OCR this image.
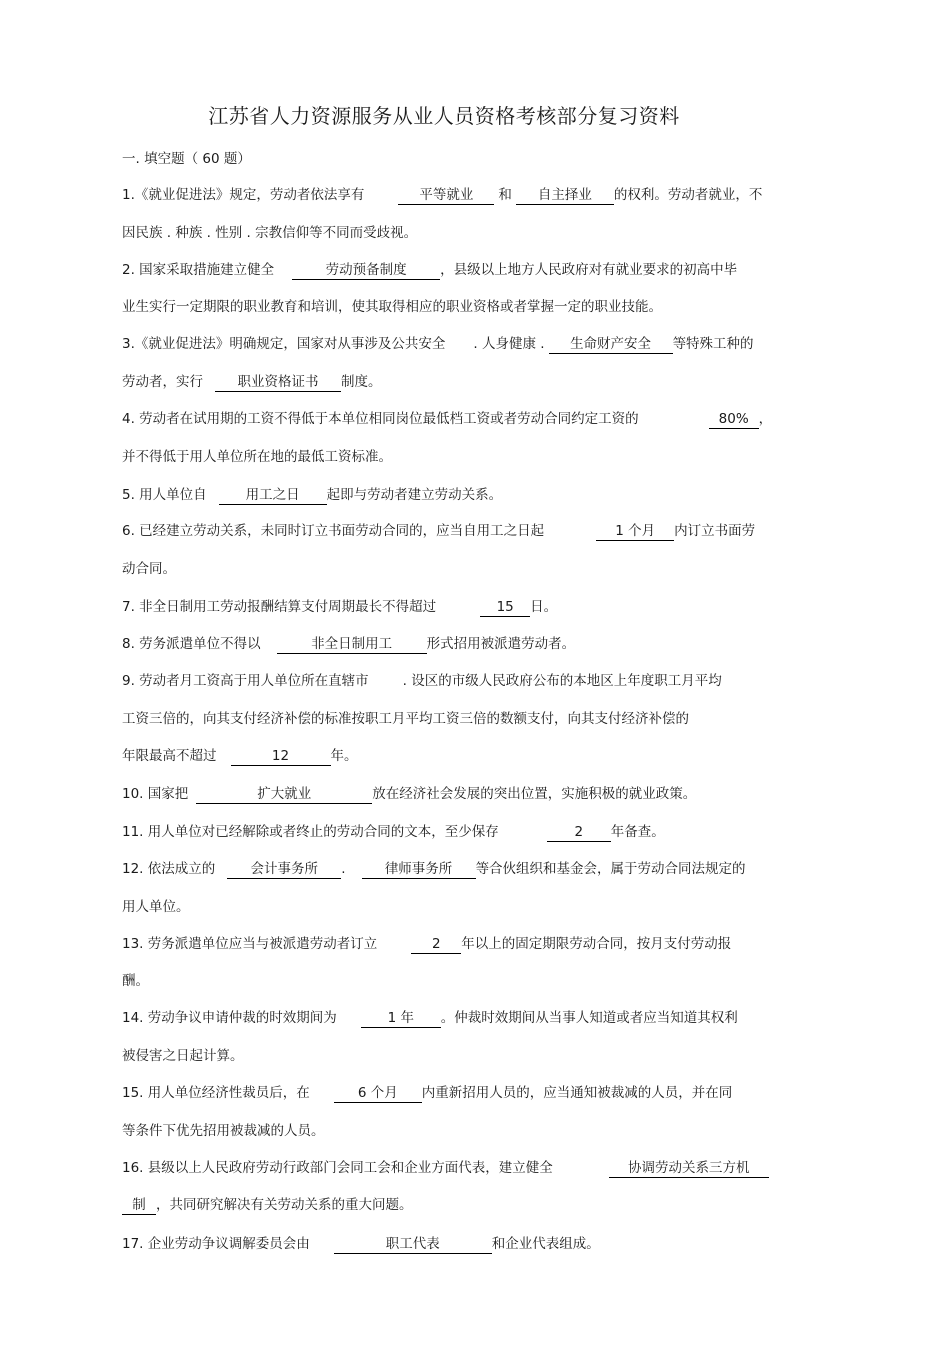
江苏省人力资源服务从业人员资格考核部分复习资料
一. 填空题（ 60 题）
1.《就业促进法》规定，劳动者依法享有	平等就业 和 自主择业 的权利。劳动者就业，不
因民族 . 种族 . 性别 . 宗教信仰等不同而受歧视。
2. 国家采取措施建立健全	劳动预备制度 ，县级以上地方人民政府对有就业要求的初高中毕
业生实行一定期限的职业教育和培训，使其取得相应的职业资格或者掌握一定的职业技能。
3.《就业促进法》明确规定，国家对从事涉及公共安全 . 人身健康 . 生命财产安全 等特殊工种的
劳动者，实行	职业资格证书 制度。
4. 劳动者在试用期的工资不得低于本单位相同岗位最低档工资或者劳动合同约定工资的	80% ，
并不得低于用人单位所在地的最低工资标准。
5. 用人单位自	用工之日 起即与劳动者建立劳动关系。
6. 已经建立劳动关系，未同时订立书面劳动合同的，应当自用工之日起	1 个月 内订立书面劳
动合同。
7. 非全日制用工劳动报酬结算支付周期最长不得超过	15 日。
8. 劳务派遣单位不得以	非全日制用工	形式招用被派遣劳动者。
9. 劳动者月工资高于用人单位所在直辖市	. 设区的市级人民政府公布的本地区上年度职工月平均
工资三倍的，向其支付经济补偿的标准按职工月平均工资三倍的数额支付，向其支付经济补偿的
年限最高不超过	12	年。
10. 国家把	扩大就业	放在经济社会发展的突出位置，实施积极的就业政策。
11. 用人单位对已经解除或者终止的劳动合同的文本，至少保存	2 年备查。
12. 依法成立的	会计事务所 .	律师事务所 等合伙组织和基金会，属于劳动合同法规定的
用人单位。
13. 劳务派遣单位应当与被派遣劳动者订立	2 年以上的固定期限劳动合同，按月支付劳动报
酬。
14. 劳动争议申请仲裁的时效期间为	1 年 。仲裁时效期间从当事人知道或者应当知道其权利
被侵害之日起计算。
15. 用人单位经济性裁员后，在	6 个月 内重新招用人员的，应当通知被裁减的人员，并在同
等条件下优先招用被裁减的人员。
16. 县级以上人民政府劳动行政部门会同工会和企业方面代表，建立健全	协调劳动关系三方机
制 ，共同研究解决有关劳动关系的重大问题。
17. 企业劳动争议调解委员会由	职工代表	和企业代表组成。
